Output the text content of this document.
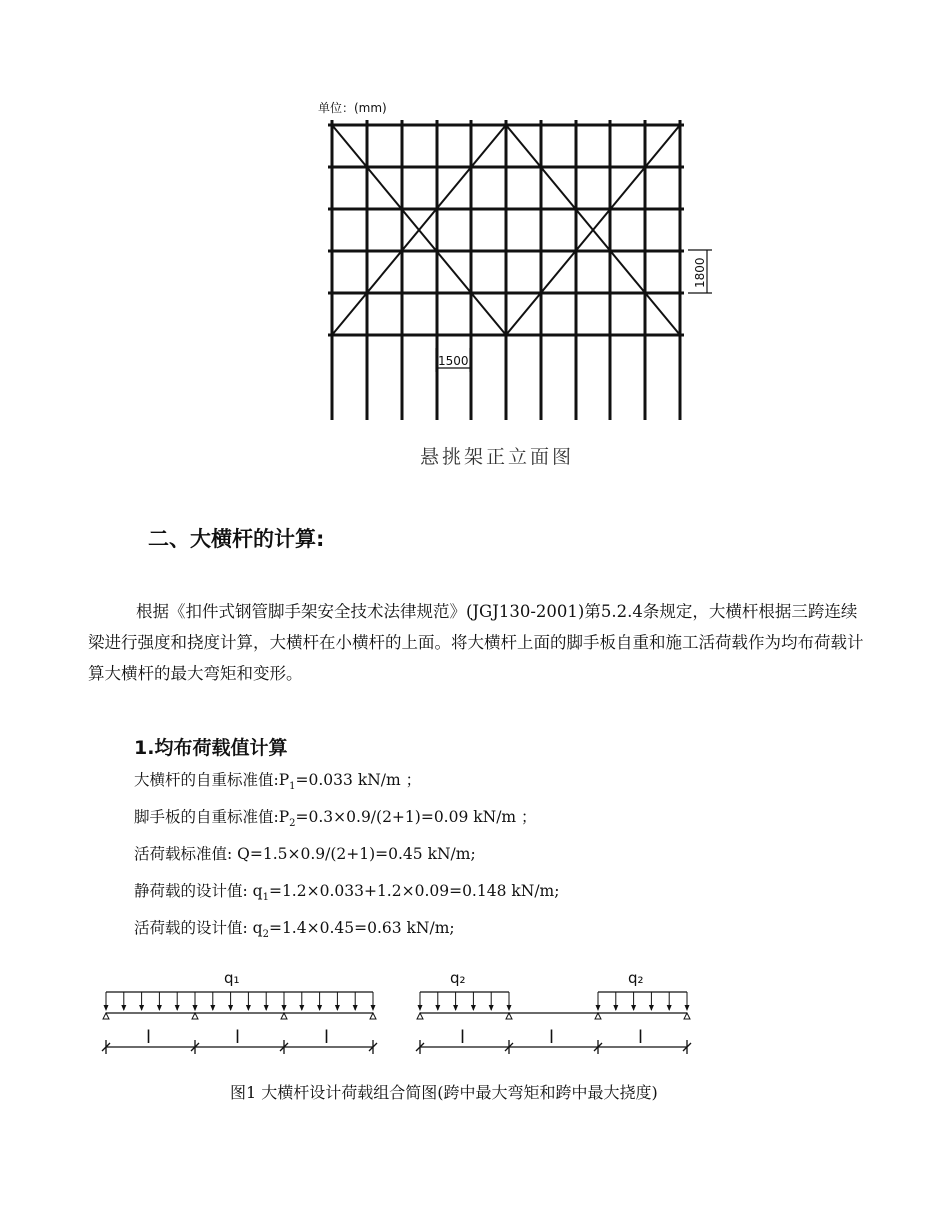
单位：(mm)
1800
1500
悬挑架正立面图
二、大横杆的计算:
根据《扣件式钢管脚手架安全技术法律规范》(JGJ130-2001)第5.2.4条规定，大横杆根据三跨连续梁进行强度和挠度计算，大横杆在小横杆的上面。将大横杆上面的脚手板自重和施工活荷载作为均布荷载计算大横杆的最大弯矩和变形。
1.均布荷载值计算
大横杆的自重标准值$:P_1=0.033$ kN/m ；
脚手板的自重标准值$:P_2=0.3\times 0.9/(2+1)=0.09$ kN/m ；
活荷载标准值: Q=1.5×0.9/(2+1)=0.45 kN/m;
静荷载的设计值: $q_1=1.2\times 0.033+1.2\times 0.09=0.148$ kN/m;
活荷载的设计值: $q_2=1.4\times 0.45=0.63$ kN/m;
q₁	q₂	q₂
l	l	l	l	l	l
图1 大横杆设计荷载组合简图(跨中最大弯矩和跨中最大挠度)
